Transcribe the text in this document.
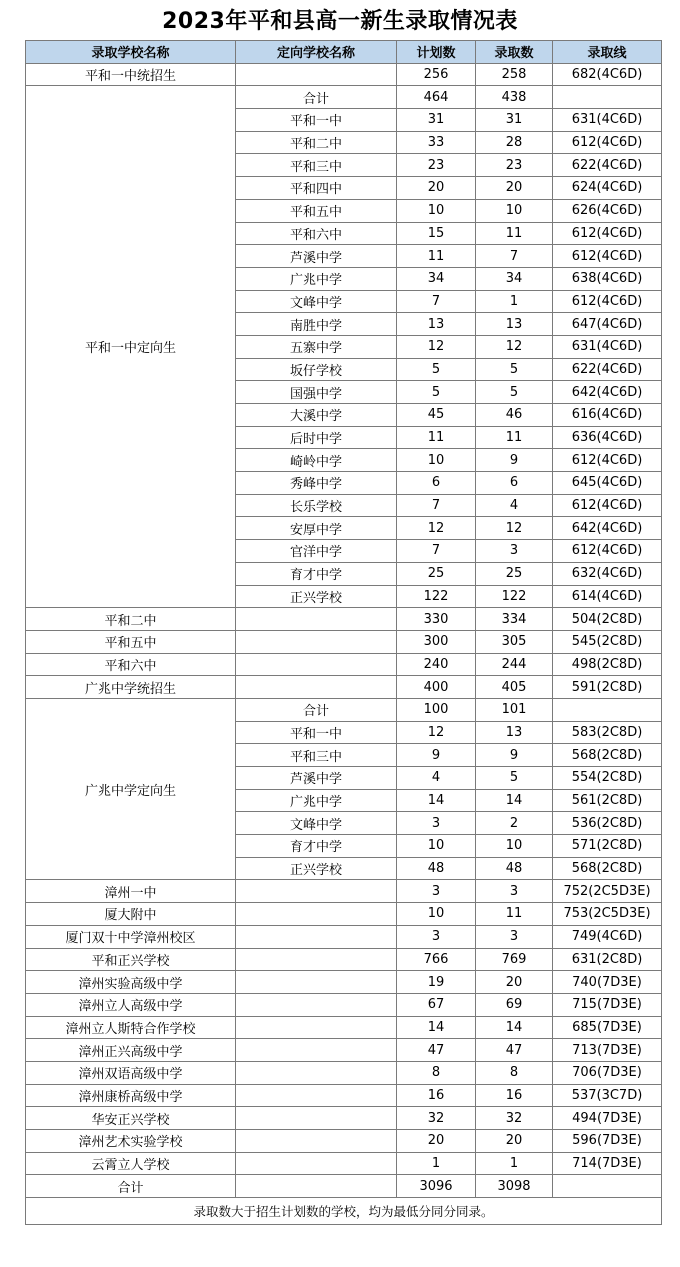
2023年平和县高一新生录取情况表
录取学校名称	定向学校名称	计划数	录取数	录取线
平和一中统招生		256	258	682(4C6D)
平和一中定向生	合计	464	438	
	平和一中	31	31	631(4C6D)
	平和二中	33	28	612(4C6D)
	平和三中	23	23	622(4C6D)
	平和四中	20	20	624(4C6D)
	平和五中	10	10	626(4C6D)
	平和六中	15	11	612(4C6D)
	芦溪中学	11	7	612(4C6D)
	广兆中学	34	34	638(4C6D)
	文峰中学	7	1	612(4C6D)
	南胜中学	13	13	647(4C6D)
	五寨中学	12	12	631(4C6D)
	坂仔学校	5	5	622(4C6D)
	国强中学	5	5	642(4C6D)
	大溪中学	45	46	616(4C6D)
	后时中学	11	11	636(4C6D)
	崎岭中学	10	9	612(4C6D)
	秀峰中学	6	6	645(4C6D)
	长乐学校	7	4	612(4C6D)
	安厚中学	12	12	642(4C6D)
	官洋中学	7	3	612(4C6D)
	育才中学	25	25	632(4C6D)
	正兴学校	122	122	614(4C6D)
平和二中		330	334	504(2C8D)
平和五中		300	305	545(2C8D)
平和六中		240	244	498(2C8D)
广兆中学统招生		400	405	591(2C8D)
广兆中学定向生	合计	100	101	
	平和一中	12	13	583(2C8D)
	平和三中	9	9	568(2C8D)
	芦溪中学	4	5	554(2C8D)
	广兆中学	14	14	561(2C8D)
	文峰中学	3	2	536(2C8D)
	育才中学	10	10	571(2C8D)
	正兴学校	48	48	568(2C8D)
漳州一中		3	3	752(2C5D3E)
厦大附中		10	11	753(2C5D3E)
厦门双十中学漳州校区		3	3	749(4C6D)
平和正兴学校		766	769	631(2C8D)
漳州实验高级中学		19	20	740(7D3E)
漳州立人高级中学		67	69	715(7D3E)
漳州立人斯特合作学校		14	14	685(7D3E)
漳州正兴高级中学		47	47	713(7D3E)
漳州双语高级中学		8	8	706(7D3E)
漳州康桥高级中学		16	16	537(3C7D)
华安正兴学校		32	32	494(7D3E)
漳州艺术实验学校		20	20	596(7D3E)
云霄立人学校		1	1	714(7D3E)
合计		3096	3098	
录取数大于招生计划数的学校，均为最低分同分同录。				
